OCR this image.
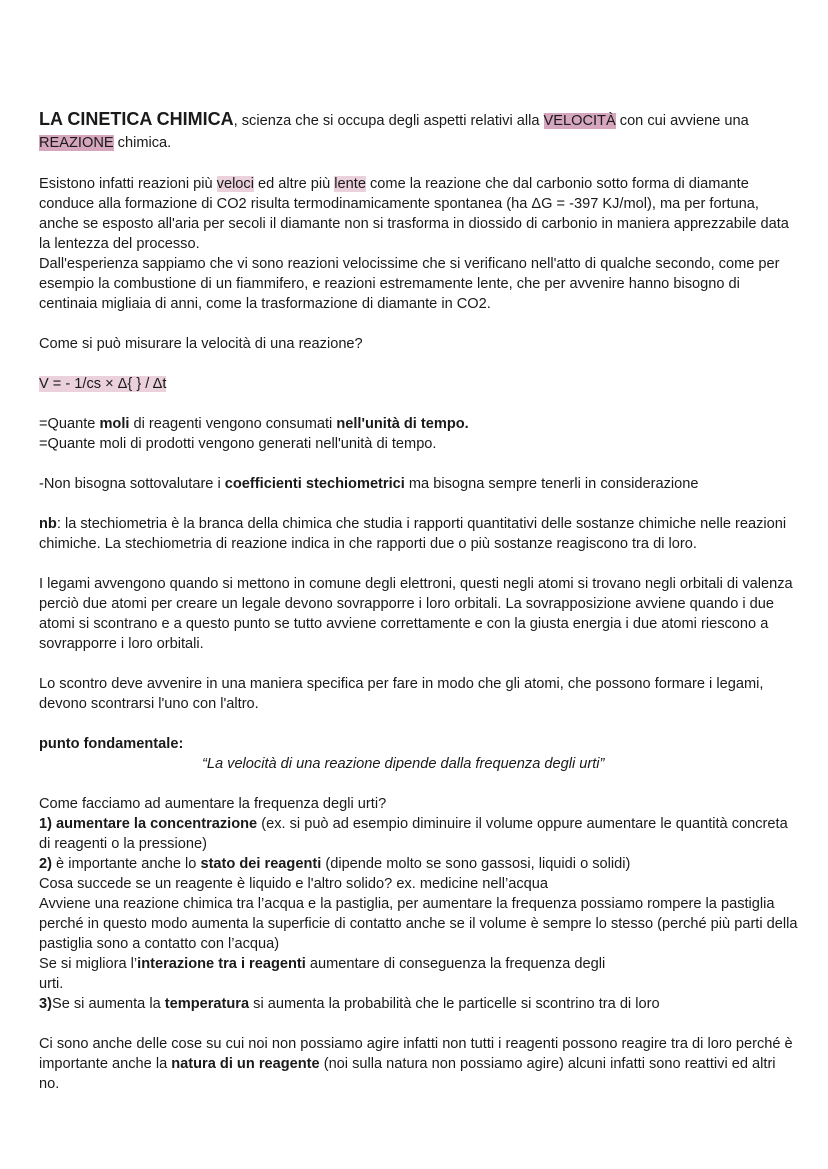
LA CINETICA CHIMICA, scienza che si occupa degli aspetti relativi alla VELOCITÀ con cui avviene una REAZIONE chimica.

Esistono infatti reazioni più veloci ed altre più lente come la reazione che dal carbonio sotto forma di diamante conduce alla formazione di CO2 risulta termodinamicamente spontanea (ha ΔG = -397 KJ/mol), ma per fortuna, anche se esposto all'aria per secoli il diamante non si trasforma in diossido di carbonio in maniera apprezzabile data la lentezza del processo.

Dall'esperienza sappiamo che vi sono reazioni velocissime che si verificano nell'atto di qualche secondo, come per esempio la combustione di un fiammifero, e reazioni estremamente lente, che per avvenire hanno bisogno di centinaia migliaia di anni, come la trasformazione di diamante in CO2.

Come si può misurare la velocità di una reazione?

V = - 1/cs × Δ{ } / Δt

=Quante moli di reagenti vengono consumati nell'unità di tempo.

=Quante moli di prodotti vengono generati nell'unità di tempo.

-Non bisogna sottovalutare i coefficienti stechiometrici ma bisogna sempre tenerli in considerazione

nb: la stechiometria è la branca della chimica che studia i rapporti quantitativi delle sostanze chimiche nelle reazioni chimiche. La stechiometria di reazione indica in che rapporti due o più sostanze reagiscono tra di loro.

I legami avvengono quando si mettono in comune degli elettroni, questi negli atomi si trovano negli orbitali di valenza perciò due atomi per creare un legale devono sovrapporre i loro orbitali. La sovrapposizione avviene quando i due atomi si scontrano e a questo punto se tutto avviene correttamente e con la giusta energia i due atomi riescono a sovrapporre i loro orbitali.

Lo scontro deve avvenire in una maniera specifica per fare in modo che gli atomi, che possono formare i legami, devono scontrarsi l'uno con l'altro.

punto fondamentale:

“La velocità di una reazione dipende dalla frequenza degli urti”

Come facciamo ad aumentare la frequenza degli urti?

1) aumentare la concentrazione (ex. si può ad esempio diminuire il volume oppure aumentare le quantità concreta di reagenti o la pressione)

2) è importante anche lo stato dei reagenti (dipende molto se sono gassosi, liquidi o solidi)

Cosa succede se un reagente è liquido e l'altro solido? ex. medicine nell’acqua

Avviene una reazione chimica tra l’acqua e la pastiglia, per aumentare la frequenza possiamo rompere la pastiglia perché in questo modo aumenta la superficie di contatto anche se il volume è sempre lo stesso (perché più parti della pastiglia sono a contatto con l’acqua)

Se si migliora l’interazione tra i reagenti aumentare di conseguenza la frequenza degli

urti.

3)Se si aumenta la temperatura si aumenta la probabilità che le particelle si scontrino tra di loro

Ci sono anche delle cose su cui noi non possiamo agire infatti non tutti i reagenti possono reagire tra di loro perché è importante anche la natura di un reagente (noi sulla natura non possiamo agire) alcuni infatti sono reattivi ed altri no.
